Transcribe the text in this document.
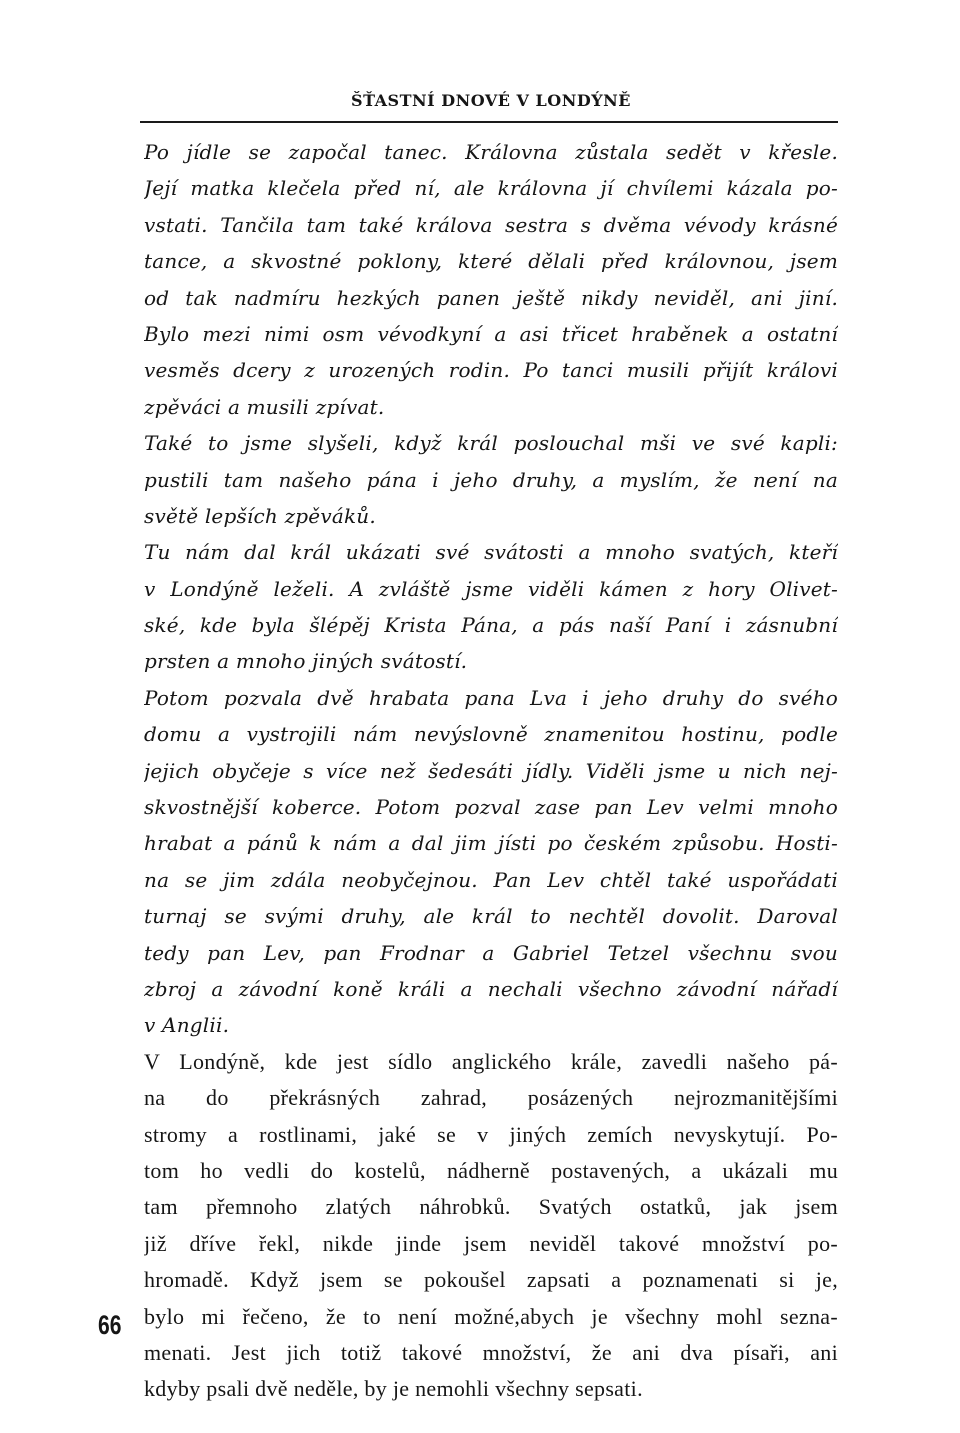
ŠŤASTNÍ DNOVÉ V LONDÝNĚ
Po jídle se započal tanec. Královna zůstala sedět v křesle.
Její matka klečela před ní, ale královna jí chvílemi kázala po-
vstati. Tančila tam také králova sestra s dvěma vévody krásné
tance, a skvostné poklony, které dělali před královnou, jsem
od tak nadmíru hezkých panen ještě nikdy neviděl, ani jiní.
Bylo mezi nimi osm vévodkyní a asi třicet hraběnek a ostatní
vesměs dcery z urozených rodin. Po tanci musili přijít královi
zpěváci a musili zpívat.
Také to jsme slyšeli, když král poslouchal mši ve své kapli:
pustili tam našeho pána i jeho druhy, a myslím, že není na
světě lepších zpěváků.
Tu nám dal král ukázati své svátosti a mnoho svatých, kteří
v Londýně leželi. A zvláště jsme viděli kámen z hory Olivet-
ské, kde byla šlépěj Krista Pána, a pás naší Paní i zásnubní
prsten a mnoho jiných svátostí.
Potom pozvala dvě hrabata pana Lva i jeho druhy do svého
domu a vystrojili nám nevýslovně znamenitou hostinu, podle
jejich obyčeje s více než šedesáti jídly. Viděli jsme u nich nej-
skvostnější koberce. Potom pozval zase pan Lev velmi mnoho
hrabat a pánů k nám a dal jim jísti po českém způsobu. Hosti-
na se jim zdála neobyčejnou. Pan Lev chtěl také uspořádati
turnaj se svými druhy, ale král to nechtěl dovolit. Daroval
tedy pan Lev, pan Frodnar a Gabriel Tetzel všechnu svou
zbroj a závodní koně králi a nechali všechno závodní nářadí
v Anglii.
V Londýně, kde jest sídlo anglického krále, zavedli našeho pá-
na do překrásných zahrad, posázených nejrozmanitějšími
stromy a rostlinami, jaké se v jiných zemích nevyskytují. Po-
tom ho vedli do kostelů, nádherně postavených, a ukázali mu
tam přemnoho zlatých náhrobků. Svatých ostatků, jak jsem
již dříve řekl, nikde jinde jsem neviděl takové množství po-
hromadě. Když jsem se pokoušel zapsati a poznamenati si je,
bylo mi řečeno, že to není možné,abych je všechny mohl sezna-
menati. Jest jich totiž takové množství, že ani dva písaři, ani
kdyby psali dvě neděle, by je nemohli všechny sepsati.
66
